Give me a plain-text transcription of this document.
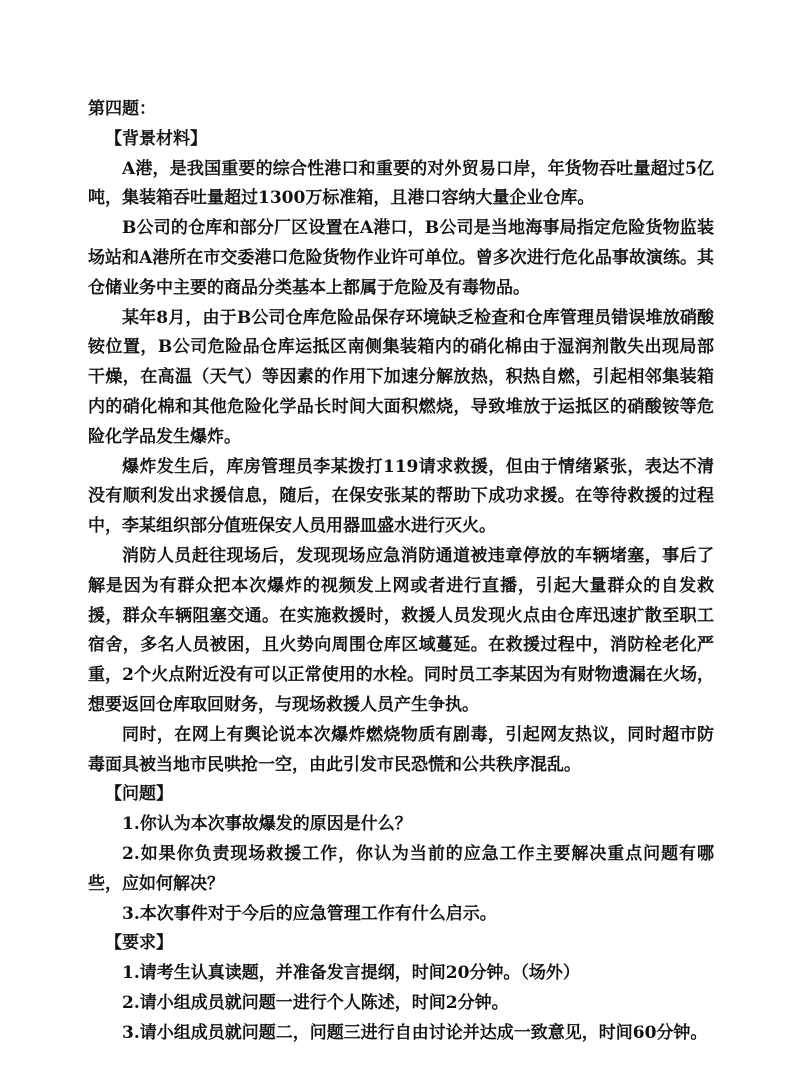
第四题：

【背景材料】

A港，是我国重要的综合性港口和重要的对外贸易口岸，年货物吞吐量超过5亿吨，集装箱吞吐量超过1300万标准箱，且港口容纳大量企业仓库。

B公司的仓库和部分厂区设置在A港口，B公司是当地海事局指定危险货物监装场站和A港所在市交委港口危险货物作业许可单位。曾多次进行危化品事故演练。其仓储业务中主要的商品分类基本上都属于危险及有毒物品。

某年8月，由于B公司仓库危险品保存环境缺乏检查和仓库管理员错误堆放硝酸铵位置，B公司危险品仓库运抵区南侧集装箱内的硝化棉由于湿润剂散失出现局部干燥，在高温（天气）等因素的作用下加速分解放热，积热自燃，引起相邻集装箱内的硝化棉和其他危险化学品长时间大面积燃烧，导致堆放于运抵区的硝酸铵等危险化学品发生爆炸。

爆炸发生后，库房管理员李某拨打119请求救援，但由于情绪紧张，表达不清没有顺利发出求援信息，随后，在保安张某的帮助下成功求援。在等待救援的过程中，李某组织部分值班保安人员用器皿盛水进行灭火。

消防人员赶往现场后，发现现场应急消防通道被违章停放的车辆堵塞，事后了解是因为有群众把本次爆炸的视频发上网或者进行直播，引起大量群众的自发救援，群众车辆阻塞交通。在实施救援时，救援人员发现火点由仓库迅速扩散至职工宿舍，多名人员被困，且火势向周围仓库区域蔓延。在救援过程中，消防栓老化严重，2个火点附近没有可以正常使用的水栓。同时员工李某因为有财物遗漏在火场，想要返回仓库取回财务，与现场救援人员产生争执。

同时，在网上有舆论说本次爆炸燃烧物质有剧毒，引起网友热议，同时超市防毒面具被当地市民哄抢一空，由此引发市民恐慌和公共秩序混乱。

【问题】

1.你认为本次事故爆发的原因是什么？

2.如果你负责现场救援工作，你认为当前的应急工作主要解决重点问题有哪些，应如何解决？

3.本次事件对于今后的应急管理工作有什么启示。

【要求】

1.请考生认真读题，并准备发言提纲，时间20分钟。（场外）

2.请小组成员就问题一进行个人陈述，时间2分钟。

3.请小组成员就问题二，问题三进行自由讨论并达成一致意见，时间60分钟。
